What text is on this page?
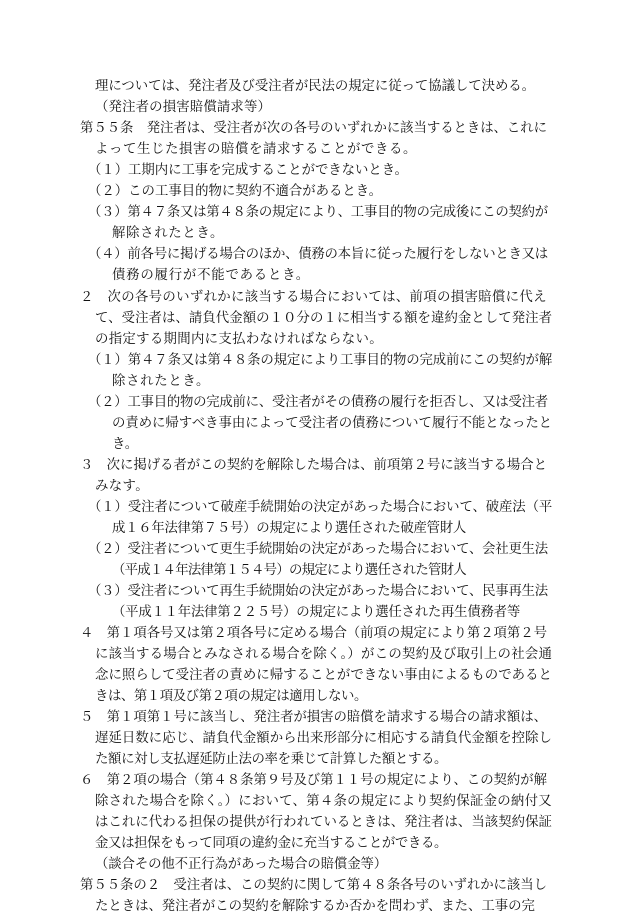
理については、発注者及び受注者が民法の規定に従って協議して決める。
（発注者の損害賠償請求等）
第５５条　発注者は、受注者が次の各号のいずれかに該当するときは、これに
よって生じた損害の賠償を請求することができる。
（１）工期内に工事を完成することができないとき。
（２）この工事目的物に契約不適合があるとき。
（３）第４７条又は第４８条の規定により、工事目的物の完成後にこの契約が
解除されたとき。
（４）前各号に掲げる場合のほか、債務の本旨に従った履行をしないとき又は
債務の履行が不能であるとき。
２　次の各号のいずれかに該当する場合においては、前項の損害賠償に代え
て、受注者は、請負代金額の１０分の１に相当する額を違約金として発注者
の指定する期間内に支払わなければならない。
（１）第４７条又は第４８条の規定により工事目的物の完成前にこの契約が解
除されたとき。
（２）工事目的物の完成前に、受注者がその債務の履行を拒否し、又は受注者
の責めに帰すべき事由によって受注者の債務について履行不能となったと
き。
３　次に掲げる者がこの契約を解除した場合は、前項第２号に該当する場合と
みなす。
（１）受注者について破産手続開始の決定があった場合において、破産法（平
成１６年法律第７５号）の規定により選任された破産管財人
（２）受注者について更生手続開始の決定があった場合において、会社更生法
（平成１４年法律第１５４号）の規定により選任された管財人
（３）受注者について再生手続開始の決定があった場合において、民事再生法
（平成１１年法律第２２５号）の規定により選任された再生債務者等
４　第１項各号又は第２項各号に定める場合（前項の規定により第２項第２号
に該当する場合とみなされる場合を除く。）がこの契約及び取引上の社会通
念に照らして受注者の責めに帰することができない事由によるものであると
きは、第１項及び第２項の規定は適用しない。
５　第１項第１号に該当し、発注者が損害の賠償を請求する場合の請求額は、
遅延日数に応じ、請負代金額から出来形部分に相応する請負代金額を控除し
た額に対し支払遅延防止法の率を乗じて計算した額とする。
６　第２項の場合（第４８条第９号及び第１１号の規定により、この契約が解
除された場合を除く。）において、第４条の規定により契約保証金の納付又
はこれに代わる担保の提供が行われているときは、発注者は、当該契約保証
金又は担保をもって同項の違約金に充当することができる。
（談合その他不正行為があった場合の賠償金等）
第５５条の２　受注者は、この契約に関して第４８条各号のいずれかに該当し
たときは、発注者がこの契約を解除するか否かを問わず、また、工事の完
